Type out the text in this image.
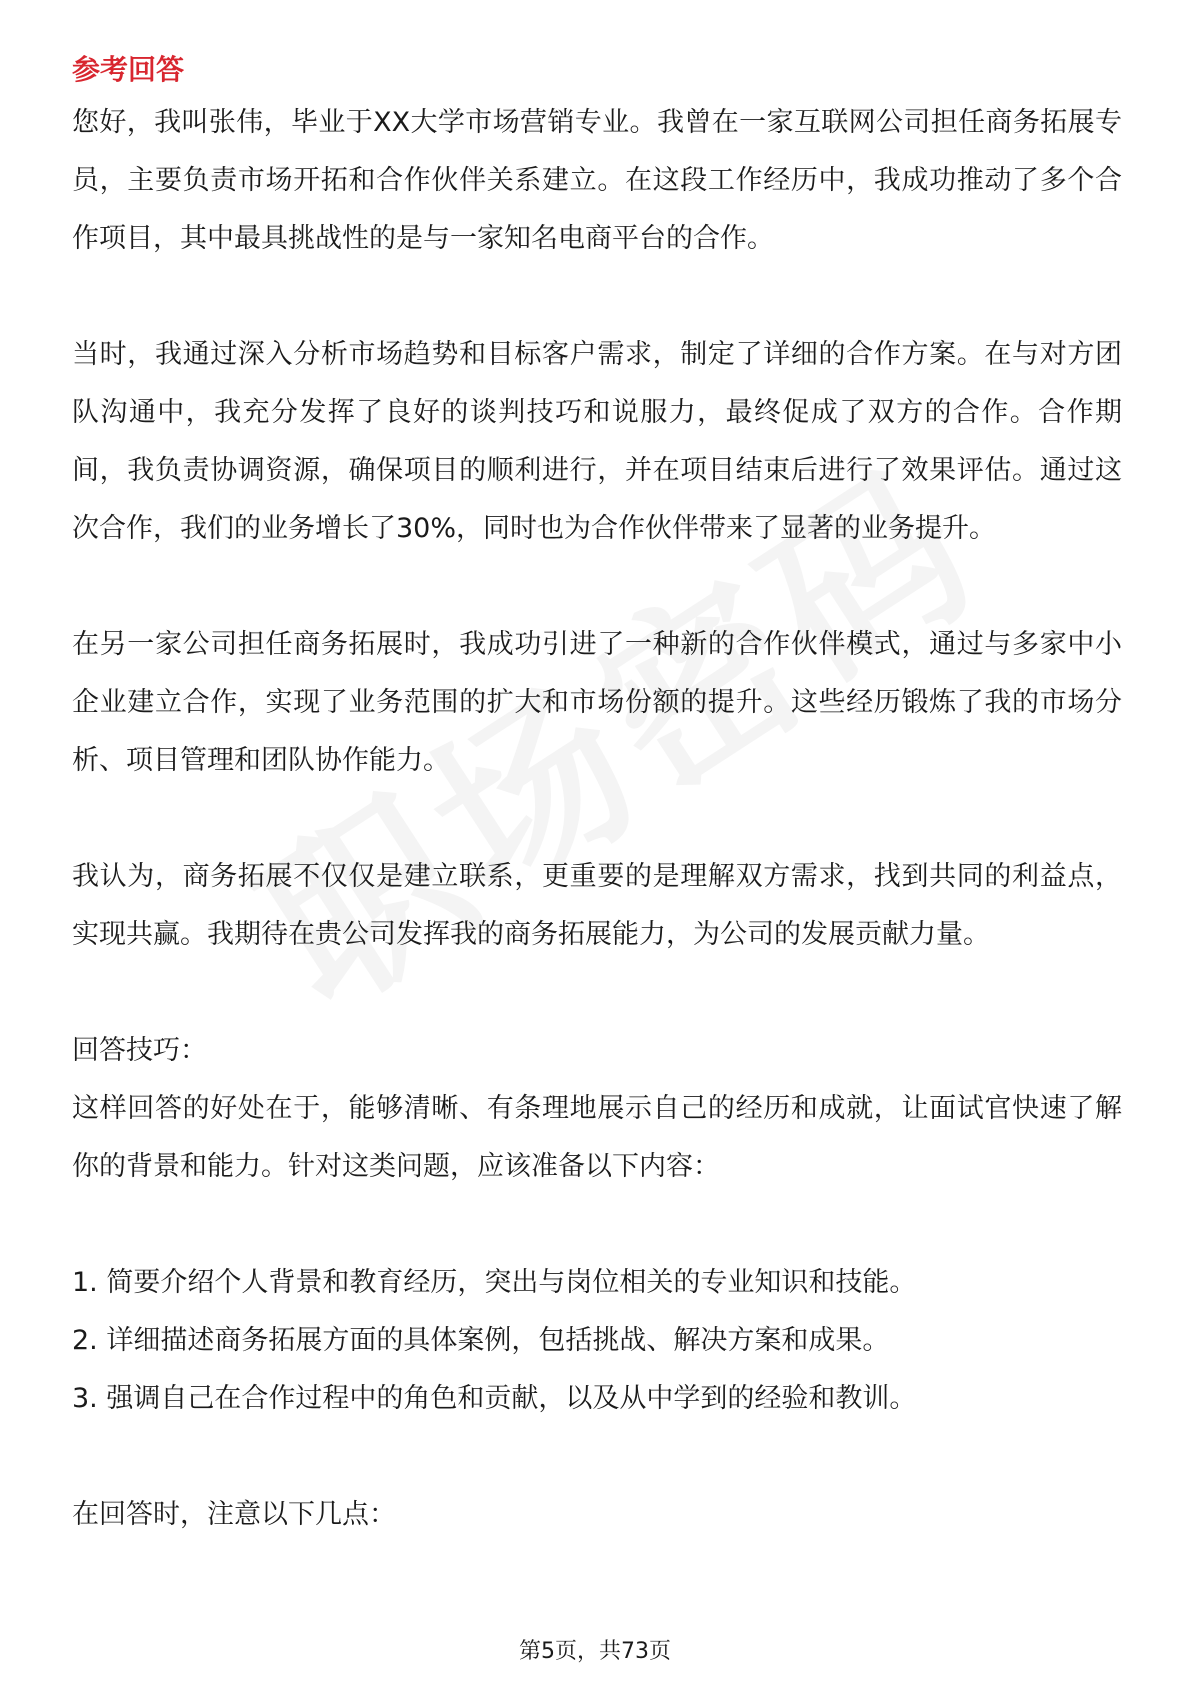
参考回答

您好，我叫张伟，毕业于XX大学市场营销专业。我曾在一家互联网公司担任商务拓展专员，主要负责市场开拓和合作伙伴关系建立。在这段工作经历中，我成功推动了多个合作项目，其中最具挑战性的是与一家知名电商平台的合作。

当时，我通过深入分析市场趋势和目标客户需求，制定了详细的合作方案。在与对方团队沟通中，我充分发挥了良好的谈判技巧和说服力，最终促成了双方的合作。合作期间，我负责协调资源，确保项目的顺利进行，并在项目结束后进行了效果评估。通过这次合作，我们的业务增长了30%，同时也为合作伙伴带来了显著的业务提升。

在另一家公司担任商务拓展时，我成功引进了一种新的合作伙伴模式，通过与多家中小企业建立合作，实现了业务范围的扩大和市场份额的提升。这些经历锻炼了我的市场分析、项目管理和团队协作能力。

我认为，商务拓展不仅仅是建立联系，更重要的是理解双方需求，找到共同的利益点，实现共赢。我期待在贵公司发挥我的商务拓展能力，为公司的发展贡献力量。

回答技巧：

这样回答的好处在于，能够清晰、有条理地展示自己的经历和成就，让面试官快速了解你的背景和能力。针对这类问题，应该准备以下内容：

1. 简要介绍个人背景和教育经历，突出与岗位相关的专业知识和技能。

2. 详细描述商务拓展方面的具体案例，包括挑战、解决方案和成果。

3. 强调自己在合作过程中的角色和贡献，以及从中学到的经验和教训。

在回答时，注意以下几点：

第5页，共73页
